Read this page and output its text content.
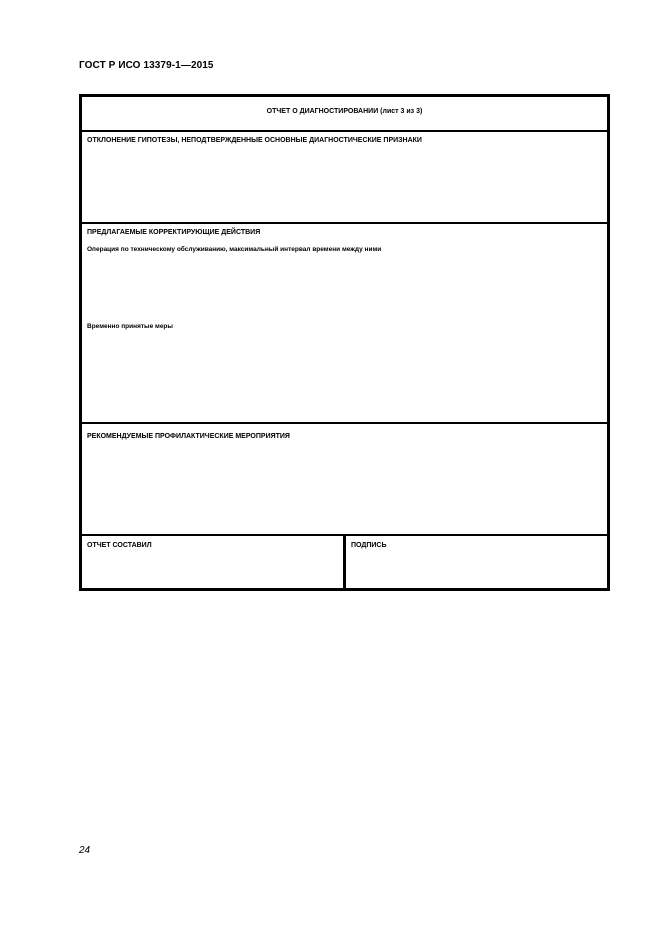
ГОСТ Р ИСО 13379-1—2015
ОТЧЕТ О ДИАГНОСТИРОВАНИИ (лист 3 из 3)
ОТКЛОНЕНИЕ ГИПОТЕЗЫ, НЕПОДТВЕРЖДЕННЫЕ ОСНОВНЫЕ ДИАГНОСТИЧЕСКИЕ ПРИЗНАКИ
ПРЕДЛАГАЕМЫЕ КОРРЕКТИРУЮЩИЕ ДЕЙСТВИЯ
Операция по техническому обслуживанию, максимальный интервал времени между ними
Временно принятые меры
РЕКОМЕНДУЕМЫЕ ПРОФИЛАКТИЧЕСКИЕ МЕРОПРИЯТИЯ
ОТЧЕТ СОСТАВИЛ	ПОДПИСЬ
24
